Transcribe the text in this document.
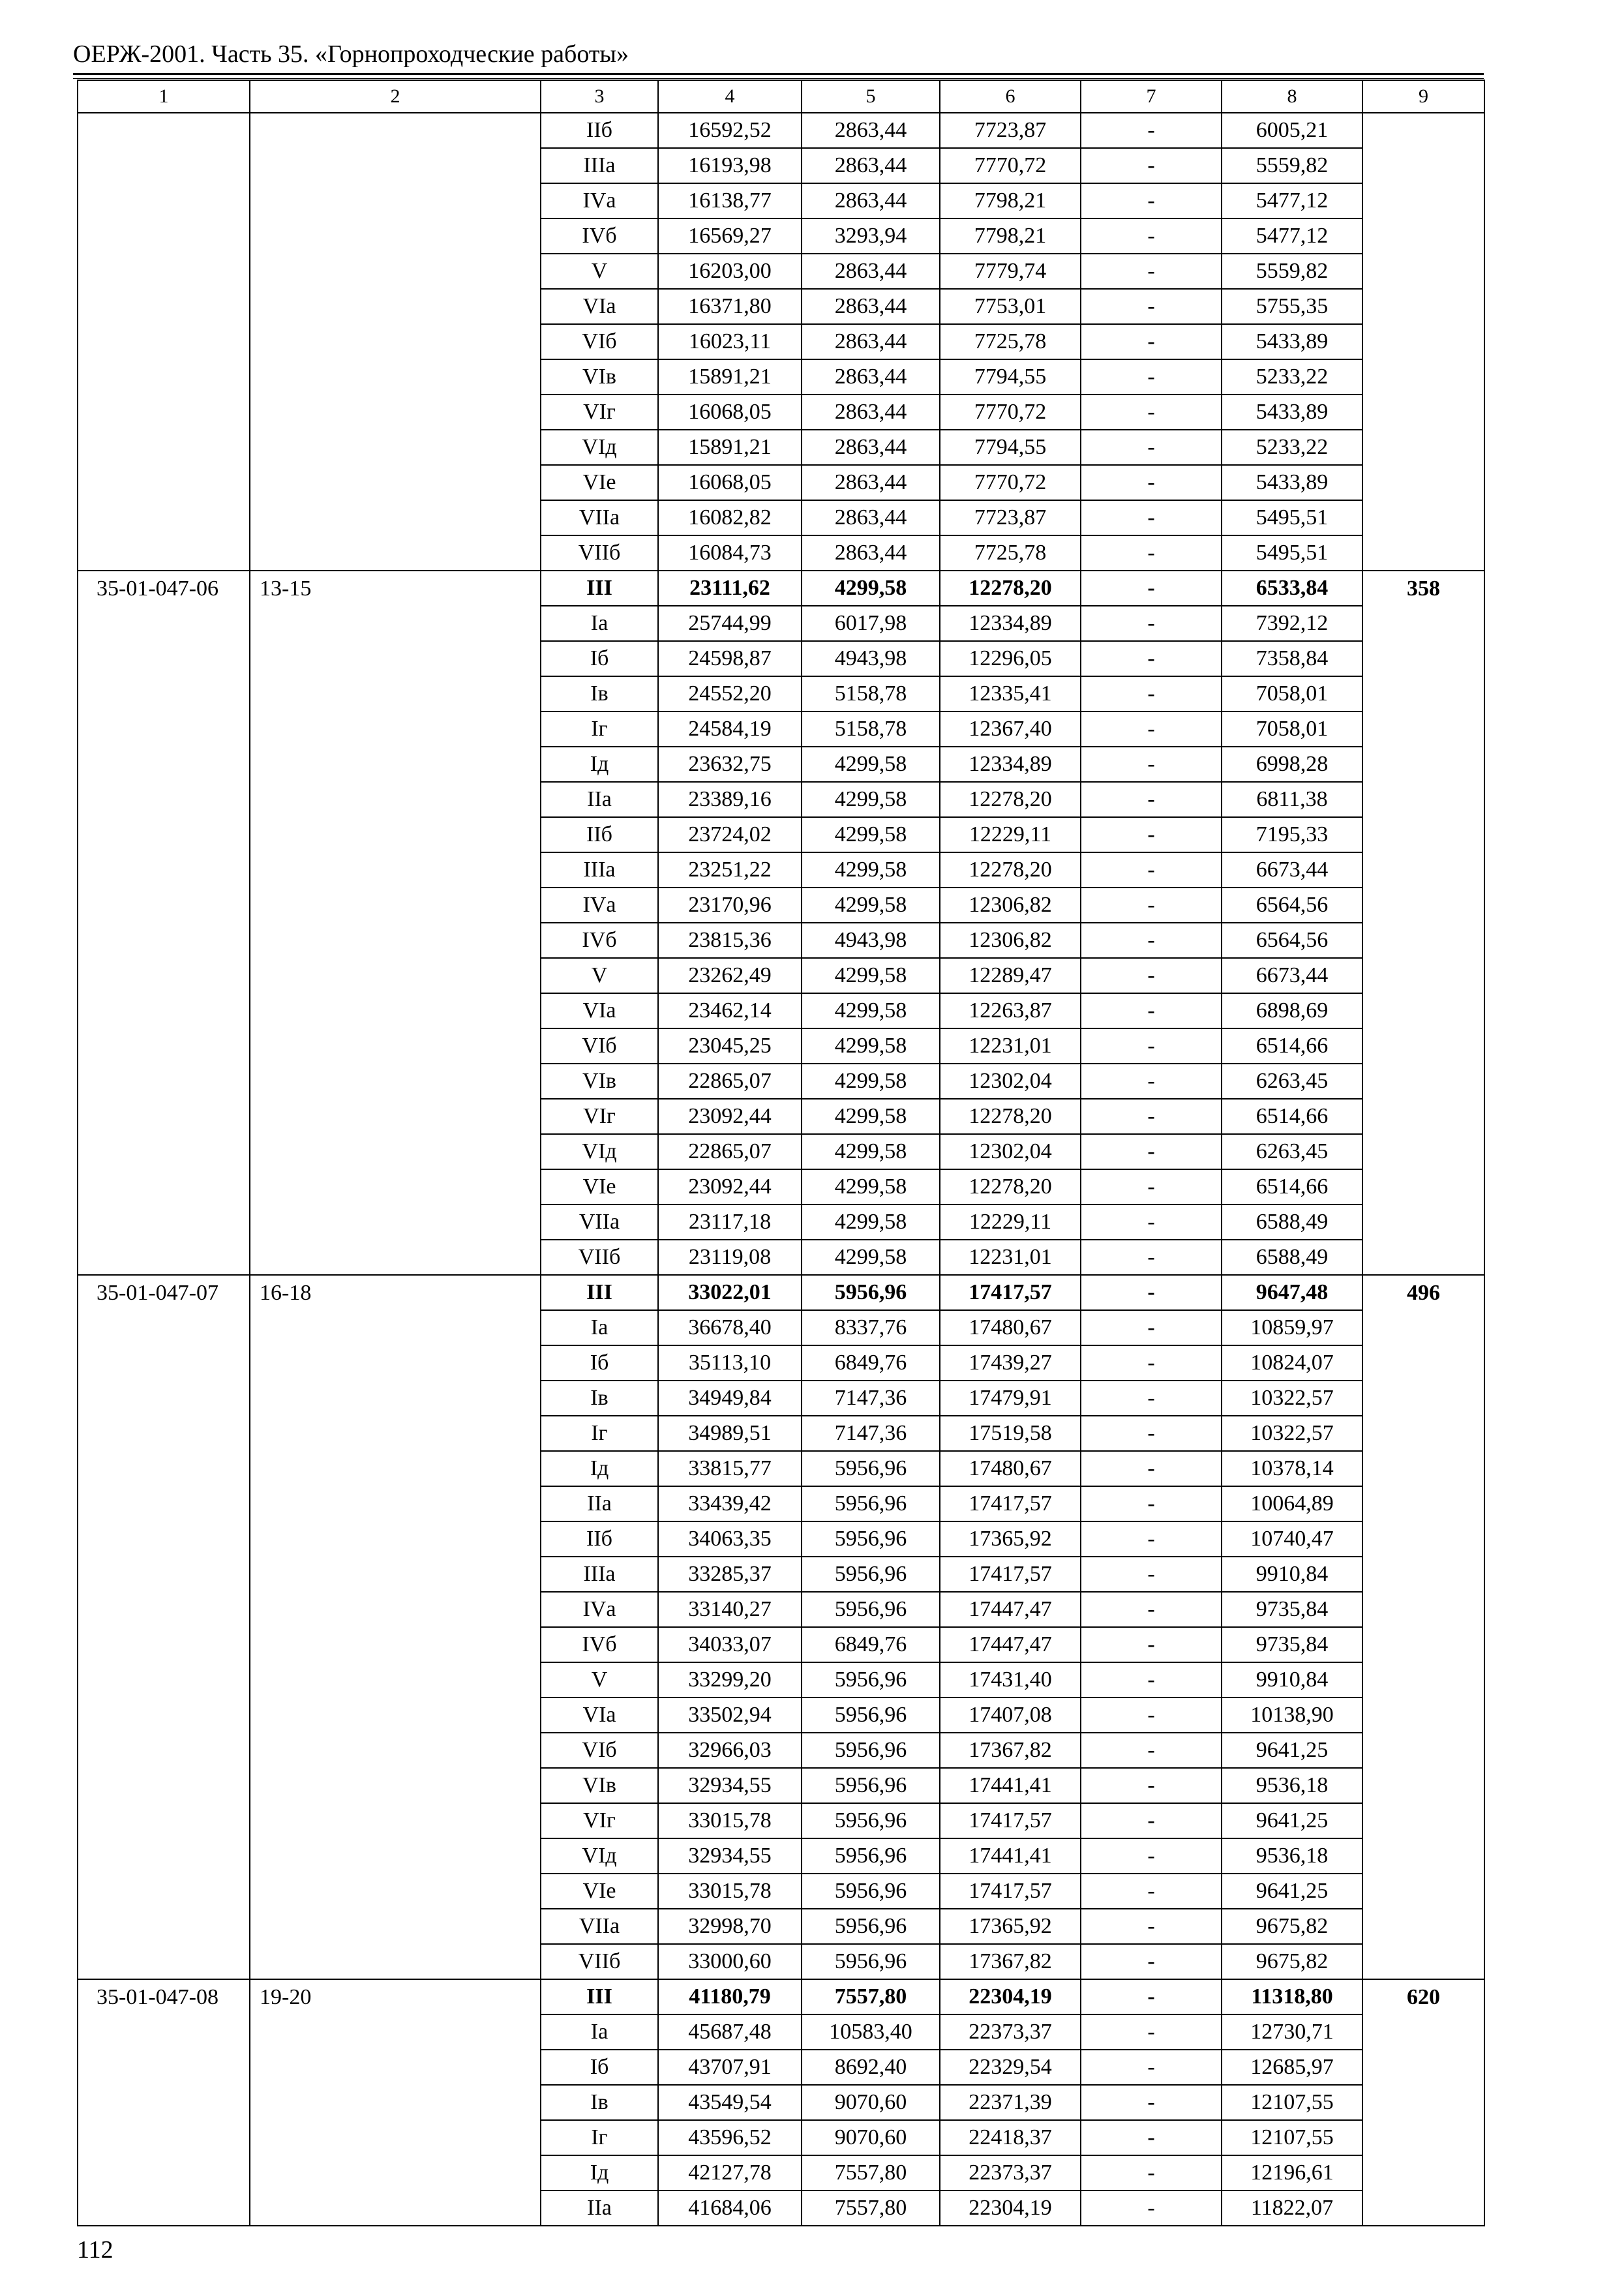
ОЕРЖ-2001. Часть 35. «Горнопроходческие работы»
1	2	3	4	5	6	7	8	9
		IIб	16592,52	2863,44	7723,87	-	6005,21	
		IIIа	16193,98	2863,44	7770,72	-	5559,82	
		IVа	16138,77	2863,44	7798,21	-	5477,12	
		IVб	16569,27	3293,94	7798,21	-	5477,12	
		V	16203,00	2863,44	7779,74	-	5559,82	
		VIа	16371,80	2863,44	7753,01	-	5755,35	
		VIб	16023,11	2863,44	7725,78	-	5433,89	
		VIв	15891,21	2863,44	7794,55	-	5233,22	
		VIг	16068,05	2863,44	7770,72	-	5433,89	
		VIд	15891,21	2863,44	7794,55	-	5233,22	
		VIе	16068,05	2863,44	7770,72	-	5433,89	
		VIIа	16082,82	2863,44	7723,87	-	5495,51	
		VIIб	16084,73	2863,44	7725,78	-	5495,51	
35-01-047-06	13-15	III	23111,62	4299,58	12278,20	-	6533,84	358
		Iа	25744,99	6017,98	12334,89	-	7392,12	
		Iб	24598,87	4943,98	12296,05	-	7358,84	
		Iв	24552,20	5158,78	12335,41	-	7058,01	
		Iг	24584,19	5158,78	12367,40	-	7058,01	
		Iд	23632,75	4299,58	12334,89	-	6998,28	
		IIа	23389,16	4299,58	12278,20	-	6811,38	
		IIб	23724,02	4299,58	12229,11	-	7195,33	
		IIIа	23251,22	4299,58	12278,20	-	6673,44	
		IVа	23170,96	4299,58	12306,82	-	6564,56	
		IVб	23815,36	4943,98	12306,82	-	6564,56	
		V	23262,49	4299,58	12289,47	-	6673,44	
		VIа	23462,14	4299,58	12263,87	-	6898,69	
		VIб	23045,25	4299,58	12231,01	-	6514,66	
		VIв	22865,07	4299,58	12302,04	-	6263,45	
		VIг	23092,44	4299,58	12278,20	-	6514,66	
		VIд	22865,07	4299,58	12302,04	-	6263,45	
		VIе	23092,44	4299,58	12278,20	-	6514,66	
		VIIа	23117,18	4299,58	12229,11	-	6588,49	
		VIIб	23119,08	4299,58	12231,01	-	6588,49	
35-01-047-07	16-18	III	33022,01	5956,96	17417,57	-	9647,48	496
		Iа	36678,40	8337,76	17480,67	-	10859,97	
		Iб	35113,10	6849,76	17439,27	-	10824,07	
		Iв	34949,84	7147,36	17479,91	-	10322,57	
		Iг	34989,51	7147,36	17519,58	-	10322,57	
		Iд	33815,77	5956,96	17480,67	-	10378,14	
		IIа	33439,42	5956,96	17417,57	-	10064,89	
		IIб	34063,35	5956,96	17365,92	-	10740,47	
		IIIа	33285,37	5956,96	17417,57	-	9910,84	
		IVа	33140,27	5956,96	17447,47	-	9735,84	
		IVб	34033,07	6849,76	17447,47	-	9735,84	
		V	33299,20	5956,96	17431,40	-	9910,84	
		VIа	33502,94	5956,96	17407,08	-	10138,90	
		VIб	32966,03	5956,96	17367,82	-	9641,25	
		VIв	32934,55	5956,96	17441,41	-	9536,18	
		VIг	33015,78	5956,96	17417,57	-	9641,25	
		VIд	32934,55	5956,96	17441,41	-	9536,18	
		VIе	33015,78	5956,96	17417,57	-	9641,25	
		VIIа	32998,70	5956,96	17365,92	-	9675,82	
		VIIб	33000,60	5956,96	17367,82	-	9675,82	
35-01-047-08	19-20	III	41180,79	7557,80	22304,19	-	11318,80	620
		Iа	45687,48	10583,40	22373,37	-	12730,71	
		Iб	43707,91	8692,40	22329,54	-	12685,97	
		Iв	43549,54	9070,60	22371,39	-	12107,55	
		Iг	43596,52	9070,60	22418,37	-	12107,55	
		Iд	42127,78	7557,80	22373,37	-	12196,61	
		IIа	41684,06	7557,80	22304,19	-	11822,07	
112
